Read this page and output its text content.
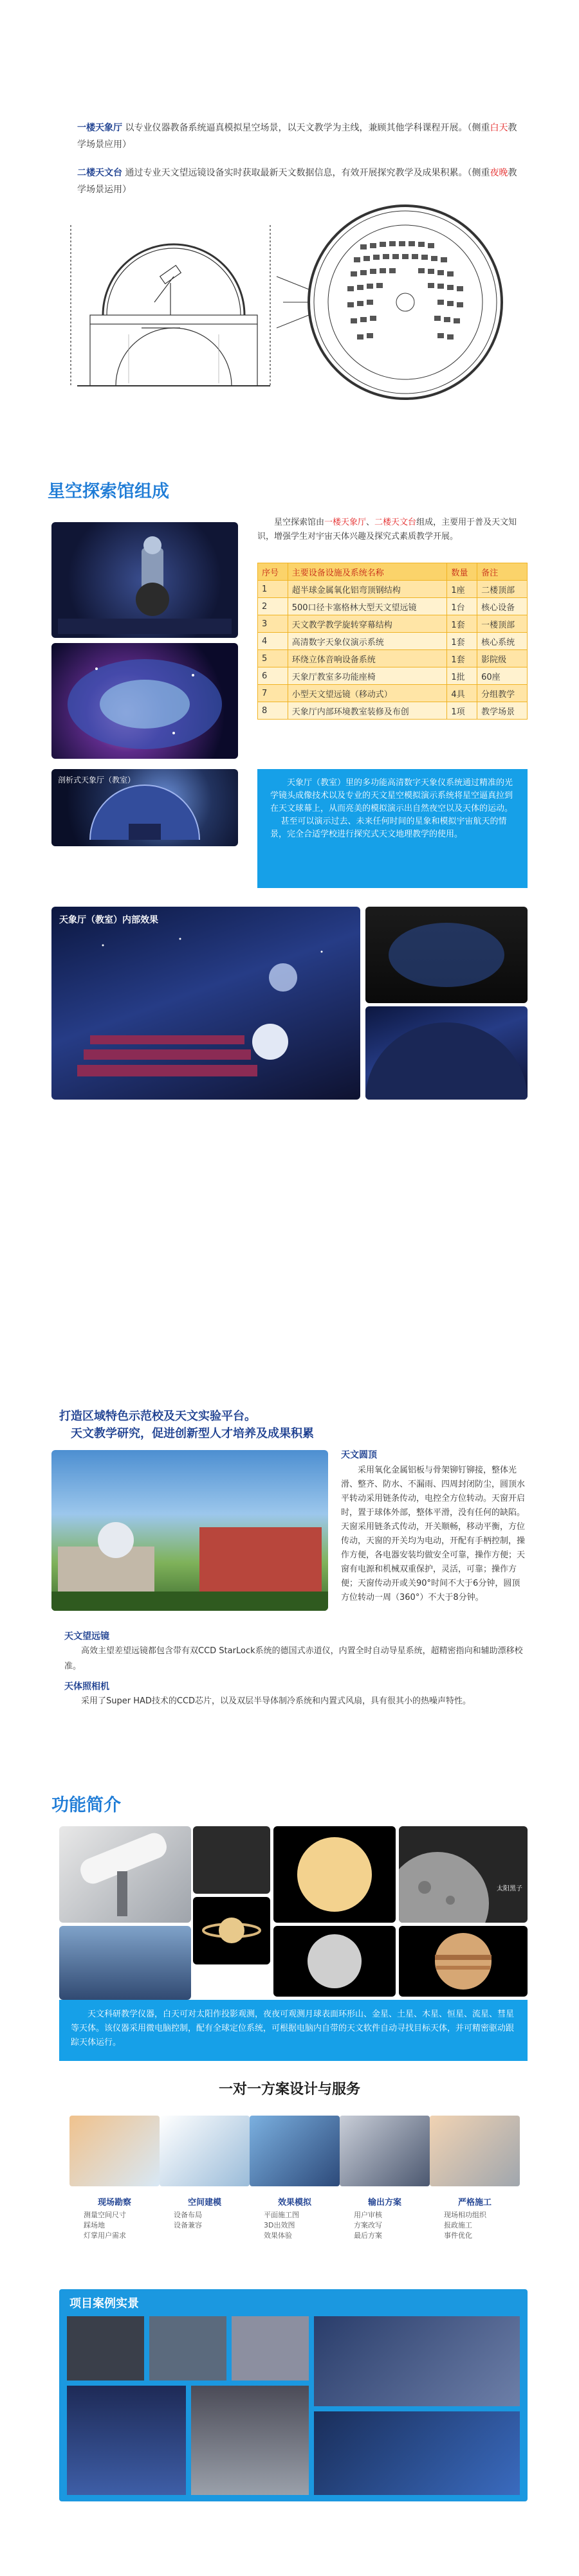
一楼天象厅 以专业仪器教备系统逼真模拟星空场景，以天文教学为主线，兼顾其他学科课程开展。（侧重白天教学场景应用）
二楼天文台 通过专业天文望远镜设备实时获取最新天文数据信息，有效开展探究教学及成果积累。（侧重夜晚教学场景运用）
星空探索馆组成
星空探索馆由一楼天象厅、二楼天文台组成，主要用于普及天文知识，增强学生对宇宙天体兴趣及探究式素质教学开展。
序号	主要设备设施及系统名称	数量	备注
1	超半球金属氧化铝弯顶钢结构	1座	二楼顶部
2	500口径卡塞格林大型天文望远镜	1台	核心设备
3	天文教学教学旋转穿幕结构	1套	一楼顶部
4	高清数字天象仪演示系统	1套	核心系统
5	环绕立体音响设备系统	1套	影院级
6	天象厅教室多功能座椅	1批	60座
7	小型天文望远镜（移动式）	4具	分组教学
8	天象厅内部环境教室装修及布创	1项	教学场景
剖析式天象厅（教室）	天象厅（教室）里的多功能高清数字天象仪系统通过精准的光学镜头成像技术以及专业的天文星空模拟演示系统将星空逼真拉到在天文球幕上，从而亮美的模拟演示出自然夜空以及天体的运动。
甚至可以演示过去、未来任何时间的星象和模拟宇宙航天的情景，完全合适学校进行探究式天文地理教学的使用。
天象厅（教室）内部效果
打造区域特色示范校及天文实验平台。
天文教学研究，促进创新型人才培养及成果积累
天文圆顶
采用氧化金属铝板与骨架铆钉铆接，整体光滑、整齐、防水、不漏雨、四周封闭防尘，圆顶水平转动采用链条传动，电控全方位转动。天窗开启时，置于球体外部，整体平滑，没有任何的缺陷。天窗采用链条式传动，开关顺畅，移动平衡，方位传动，天窗的开关均为电动，开配有手柄控制，操作方便，各电器安装均做安全可靠，操作方便；天窗有电源和机械双重保护，灵活，可靠；操作方便；天窗传动开或关90°时间不大于6分钟，圆顶方位转动一周（360°）不大于8分钟。
天文望远镜
高效主望差望远镜都包含带有双CCD StarLock系统的德国式赤道仪，内置全时自动导星系统，超精密指向和辅助漂移校准。
天体照相机
采用了Super HAD技术的CCD芯片，以及双层半导体制冷系统和内置式风扇，具有很其小的热噪声特性。
功能简介
太阳黑子
天文科研教学仪器，白天可对太阳作投影观测，夜夜可观测月球表面环形山、金星、土星、木星、恒星、流星、彗星等天体。该仪器采用微电脑控制，配有全球定位系统，可根据电脑内自带的天文软件自动寻找目标天体，并可精密驱动跟踪天体运行。
一对一方案设计与服务
现场勘察
测量空间尺寸
踩场地
灯掌用户需求
空间建模
设备布局
设备兼容
效果模拟
平面施工图
3D出效图
效果体验
输出方案
用户审核
方案改写
最后方案
严格施工
现场相功组织
报政施工
事件优化
项目案例实景
